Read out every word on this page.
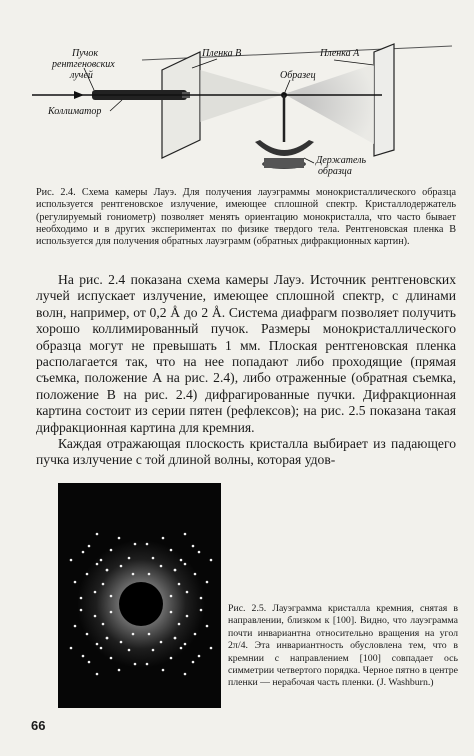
Пучок
рентгеновских
лучей
Коллиматор
Пленка B
Образец
Пленка A
Держатель
образца
Рис. 2.4. Схема камеры Лауэ. Для получения лауэграммы монокристаллического образца используется рентгеновское излучение, имеющее сплошной спектр. Кристаллодержатель (регулируемый гониометр) позволяет менять ориентацию монокристалла, что часто бывает необходимо и в других экспериментах по физике твердого тела. Рентгеновская пленка B используется для получения обратных лауэграмм (обратных дифракционных картин).

На рис. 2.4 показана схема камеры Лауэ. Источник рентгеновских лучей испускает излучение, имеющее сплошной спектр, с длинами волн, например, от 0,2 Å до 2 Å. Система диафрагм позволяет получить хорошо коллимированный пучок. Размеры монокристаллического образца могут не превышать 1 мм. Плоская рентгеновская пленка располагается так, что на нее попадают либо проходящие (прямая съемка, положение A на рис. 2.4), либо отраженные (обратная съемка, положение B на рис. 2.4) дифрагированные пучки. Дифракционная картина состоит из серии пятен (рефлексов); на рис. 2.5 показана такая дифракционная картина для кремния.

Каждая отражающая плоскость кристалла выбирает из падающего пучка излучение с той длиной волны, которая удов-

Рис. 2.5. Лауэграмма кристалла кремния, снятая в направлении, близком к [100]. Видно, что лауэграмма почти инвариантна относительно вращения на угол 2π/4. Эта инвариантность обусловлена тем, что в кремнии с направлением [100] совпадает ось симметрии четвертого порядка. Черное пятно в центре пленки — нерабочая часть пленки. (J. Washburn.)
66
